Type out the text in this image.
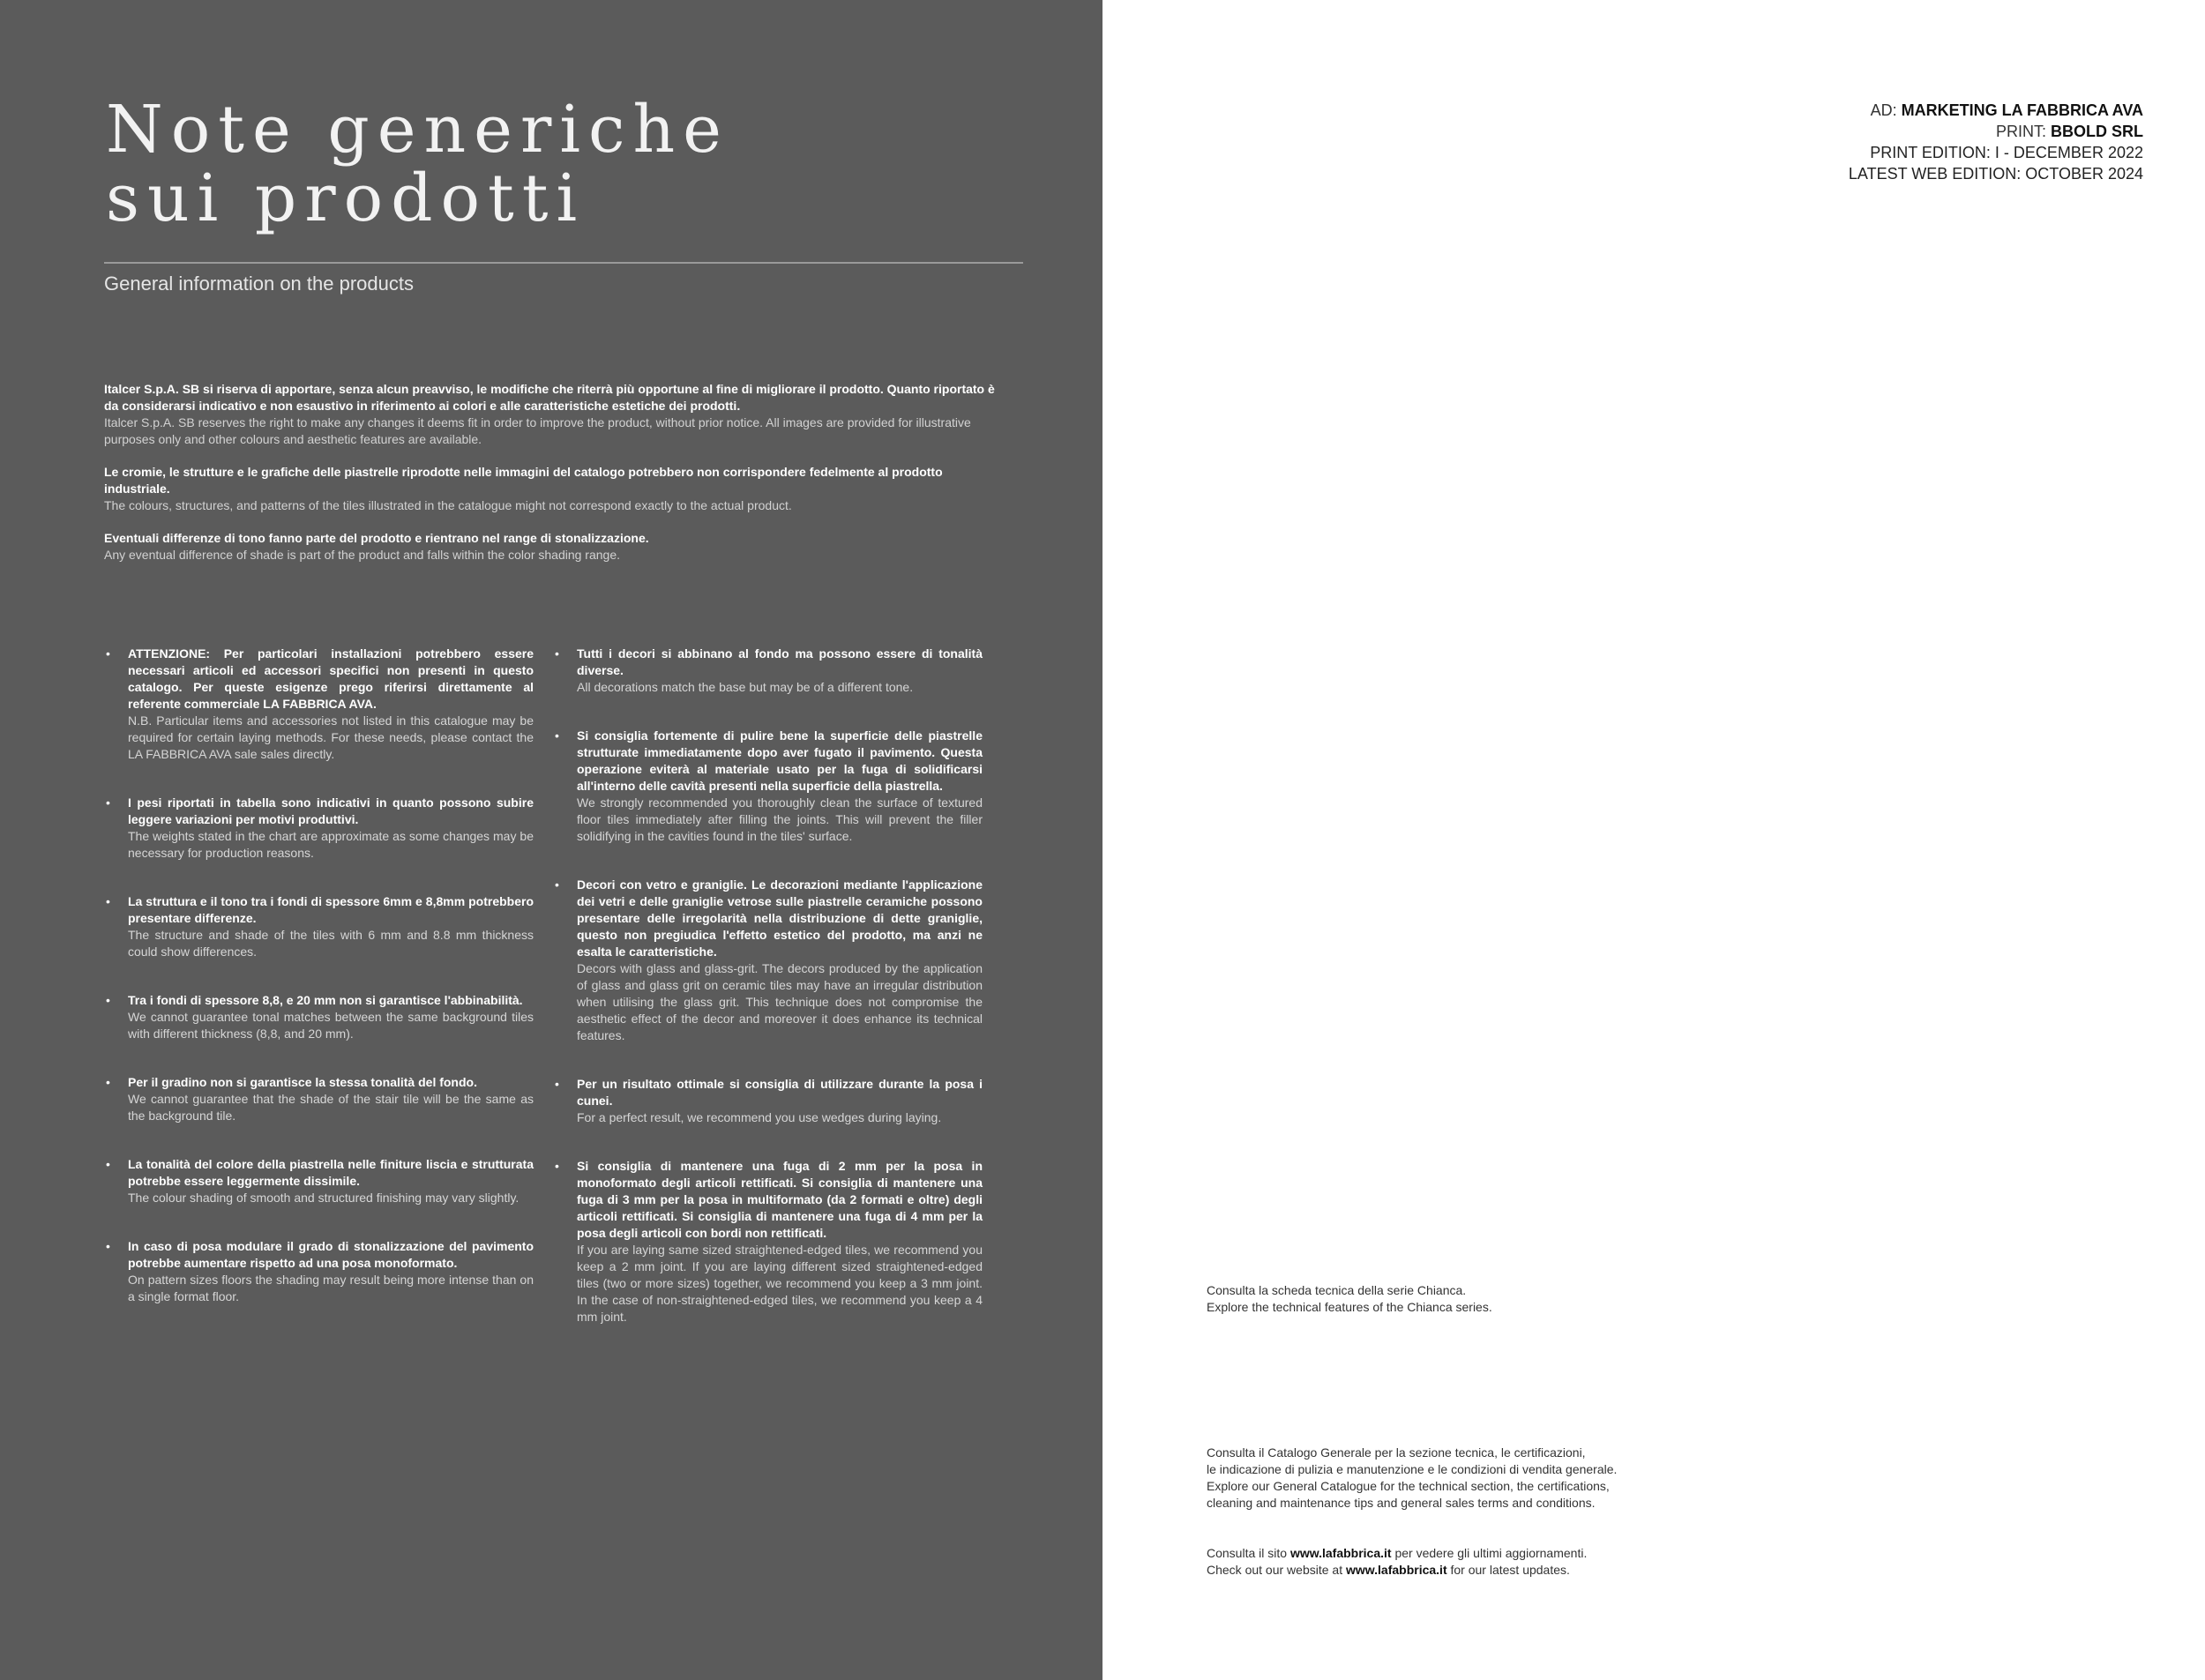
Note generiche
sui prodotti
General information on the products
Italcer S.p.A. SB si riserva di apportare, senza alcun preavviso, le modifiche che riterrà più opportune al fine di migliorare il prodotto. Quanto riportato è da considerarsi indicativo e non esaustivo in riferimento ai colori e alle caratteristiche estetiche dei prodotti.
Italcer S.p.A. SB reserves the right to make any changes it deems fit in order to improve the product, without prior notice. All images are provided for illustrative purposes only and other colours and aesthetic features are available.
Le cromie, le strutture e le grafiche delle piastrelle riprodotte nelle immagini del catalogo potrebbero non corrispondere fedelmente al prodotto industriale.
The colours, structures, and patterns of the tiles illustrated in the catalogue might not correspond exactly to the actual product.
Eventuali differenze di tono fanno parte del prodotto e rientrano nel range di stonalizzazione.
Any eventual difference of shade is part of the product and falls within the color shading range.
• ATTENZIONE: Per particolari installazioni potrebbero essere necessari articoli ed accessori specifici non presenti in questo catalogo. Per queste esigenze prego riferirsi direttamente al referente commerciale LA FABBRICA AVA.
N.B. Particular items and accessories not listed in this catalogue may be required for certain laying methods. For these needs, please contact the LA FABBRICA AVA sale sales directly.
• I pesi riportati in tabella sono indicativi in quanto possono subire leggere variazioni per motivi produttivi.
The weights stated in the chart are approximate as some changes may be necessary for production reasons.
• La struttura e il tono tra i fondi di spessore 6mm e 8,8mm potrebbero presentare differenze.
The structure and shade of the tiles with 6 mm and 8.8 mm thickness could show differences.
• Tra i fondi di spessore 8,8, e 20 mm non si garantisce l'abbinabilità.
We cannot guarantee tonal matches between the same background tiles with different thickness (8,8, and 20 mm).
• Per il gradino non si garantisce la stessa tonalità del fondo.
We cannot guarantee that the shade of the stair tile will be the same as the background tile.
• La tonalità del colore della piastrella nelle finiture liscia e strutturata potrebbe essere leggermente dissimile.
The colour shading of smooth and structured finishing may vary slightly.
• In caso di posa modulare il grado di stonalizzazione del pavimento potrebbe aumentare rispetto ad una posa monoformato.
On pattern sizes floors the shading may result being more intense than on a single format floor.
• Tutti i decori si abbinano al fondo ma possono essere di tonalità diverse.
All decorations match the base but may be of a different tone.
• Si consiglia fortemente di pulire bene la superficie delle piastrelle strutturate immediatamente dopo aver fugato il pavimento. Questa operazione eviterà al materiale usato per la fuga di solidificarsi all'interno delle cavità presenti nella superficie della piastrella.
We strongly recommended you thoroughly clean the surface of textured floor tiles immediately after filling the joints. This will prevent the filler solidifying in the cavities found in the tiles' surface.
• Decori con vetro e graniglie. Le decorazioni mediante l'applicazione dei vetri e delle graniglie vetrose sulle piastrelle ceramiche possono presentare delle irregolarità nella distribuzione di dette graniglie, questo non pregiudica l'effetto estetico del prodotto, ma anzi ne esalta le caratteristiche.
Decors with glass and glass-grit. The decors produced by the application of glass and glass grit on ceramic tiles may have an irregular distribution when utilising the glass grit. This technique does not compromise the aesthetic effect of the decor and moreover it does enhance its technical features.
• Per un risultato ottimale si consiglia di utilizzare durante la posa i cunei.
For a perfect result, we recommend you use wedges during laying.
• Si consiglia di mantenere una fuga di 2 mm per la posa in monoformato degli articoli rettificati. Si consiglia di mantenere una fuga di 3 mm per la posa in multiformato (da 2 formati e oltre) degli articoli rettificati. Si consiglia di mantenere una fuga di 4 mm per la posa degli articoli con bordi non rettificati.
If you are laying same sized straightened-edged tiles, we recommend you keep a 2 mm joint. If you are laying different sized straightened-edged tiles (two or more sizes) together, we recommend you keep a 3 mm joint. In the case of non-straightened-edged tiles, we recommend you keep a 4 mm joint.
AD: MARKETING LA FABBRICA AVA
PRINT: BBOLD SRL
PRINT EDITION: I - DECEMBER 2022
LATEST WEB EDITION: OCTOBER 2024
Consulta la scheda tecnica della serie Chianca.
Explore the technical features of the Chianca series.
Consulta il Catalogo Generale per la sezione tecnica, le certificazioni,
le indicazione di pulizia e manutenzione e le condizioni di vendita generale.
Explore our General Catalogue for the technical section, the certifications,
cleaning and maintenance tips and general sales terms and conditions.
Consulta il sito www.lafabbrica.it per vedere gli ultimi aggiornamenti.
Check out our website at www.lafabbrica.it for our latest updates.
